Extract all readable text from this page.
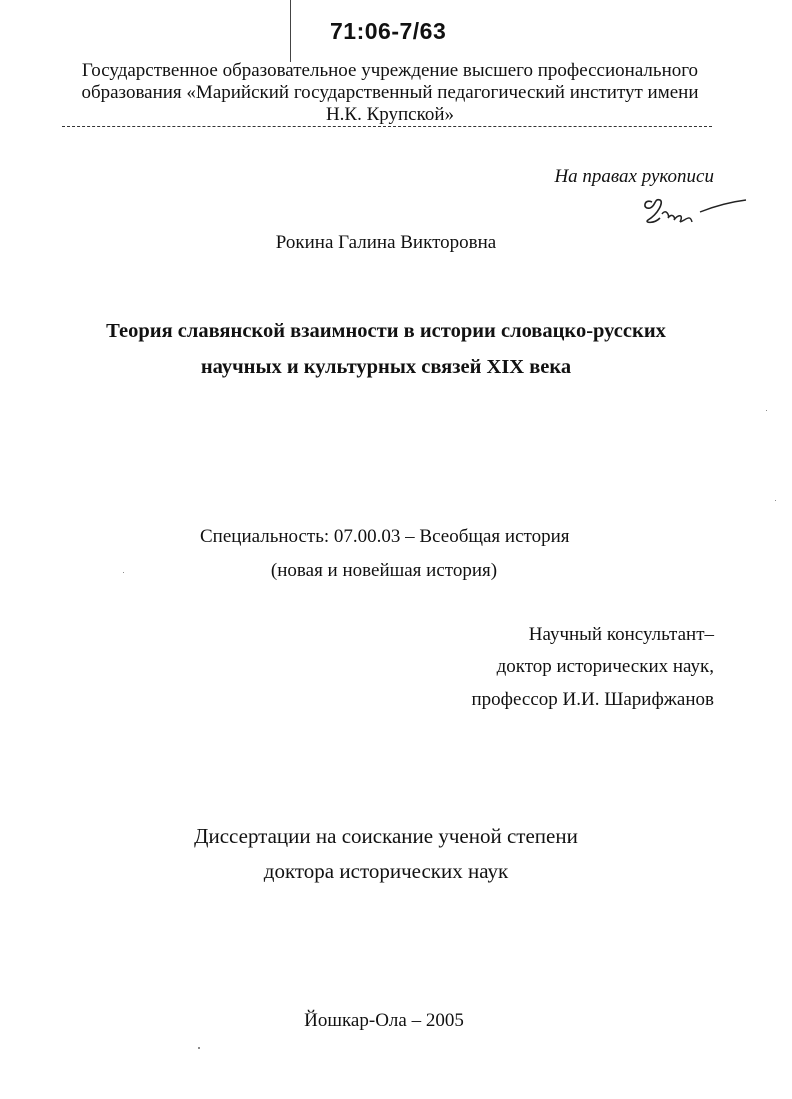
71:06-7/63
Государственное образовательное учреждение высшего профессионального
образования «Марийский государственный педагогический институт имени
Н.К. Крупской»
На правах рукописи
Рокина Галина Викторовна
Теория славянской взаимности в истории словацко-русских
научных и культурных связей XIX века
Специальность: 07.00.03 – Всеобщая история
(новая и новейшая история)
Научный консультант–
доктор исторических наук,
профессор И.И. Шарифжанов
Диссертации на соискание ученой степени
доктора исторических наук
Йошкар-Ола – 2005
